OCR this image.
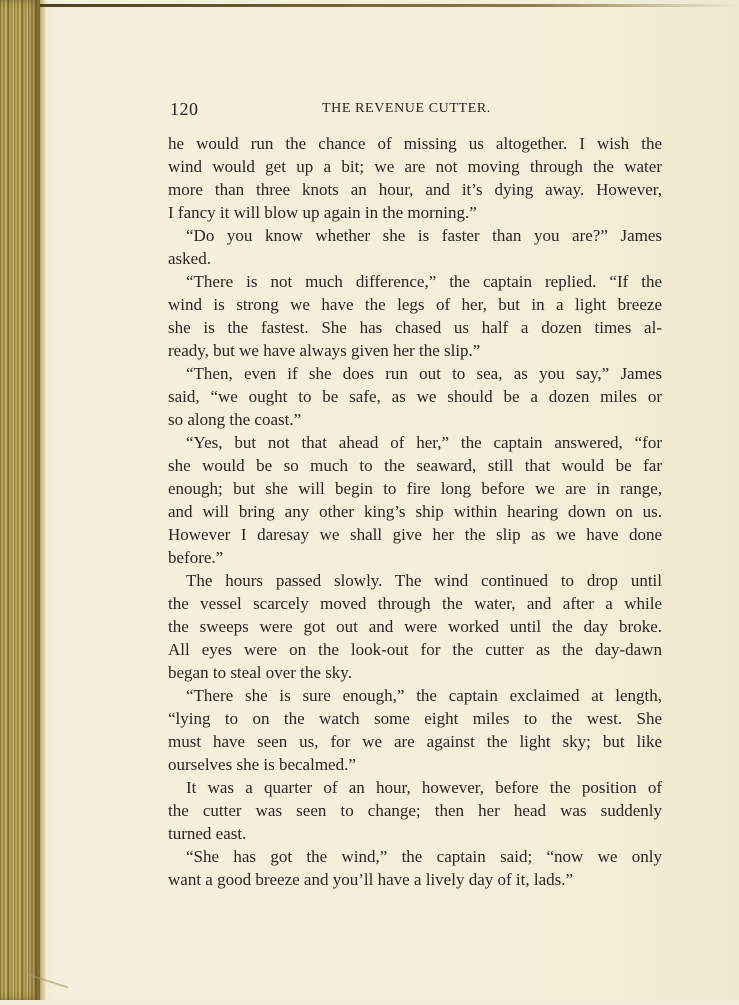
120	THE REVENUE CUTTER.
he would run the chance of missing us altogether. I wish the
wind would get up a bit; we are not moving through the water
more than three knots an hour, and it’s dying away. However,
I fancy it will blow up again in the morning.”
“Do you know whether she is faster than you are?” James
asked.
“There is not much difference,” the captain replied. “If the
wind is strong we have the legs of her, but in a light breeze
she is the fastest. She has chased us half a dozen times al-
ready, but we have always given her the slip.”
“Then, even if she does run out to sea, as you say,” James
said, “we ought to be safe, as we should be a dozen miles or
so along the coast.”
“Yes, but not that ahead of her,” the captain answered, “for
she would be so much to the seaward, still that would be far
enough; but she will begin to fire long before we are in range,
and will bring any other king’s ship within hearing down on us.
However I daresay we shall give her the slip as we have done
before.”
The hours passed slowly. The wind continued to drop until
the vessel scarcely moved through the water, and after a while
the sweeps were got out and were worked until the day broke.
All eyes were on the look-out for the cutter as the day-dawn
began to steal over the sky.
“There she is sure enough,” the captain exclaimed at length,
“lying to on the watch some eight miles to the west. She
must have seen us, for we are against the light sky; but like
ourselves she is becalmed.”
It was a quarter of an hour, however, before the position of
the cutter was seen to change; then her head was suddenly
turned east.
“She has got the wind,” the captain said; “now we only
want a good breeze and you’ll have a lively day of it, lads.”
